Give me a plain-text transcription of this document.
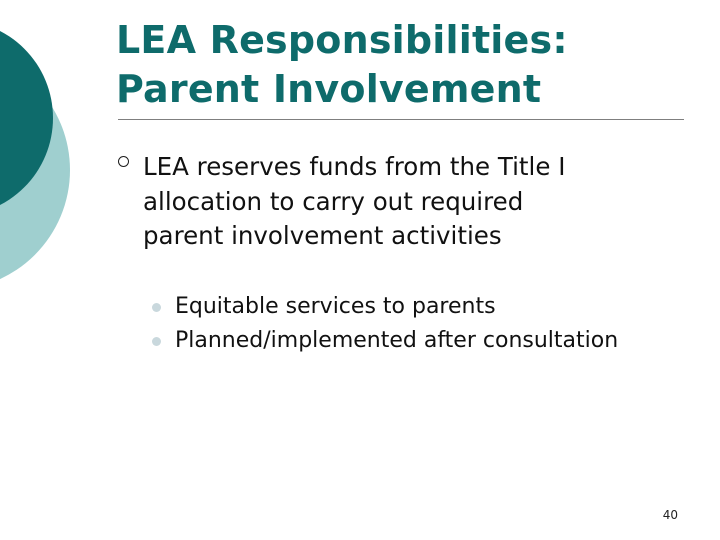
LEA Responsibilities:
Parent Involvement
LEA reserves funds from the Title I
allocation to carry out required
parent involvement activities
Equitable services to parents
Planned/implemented after consultation
40
